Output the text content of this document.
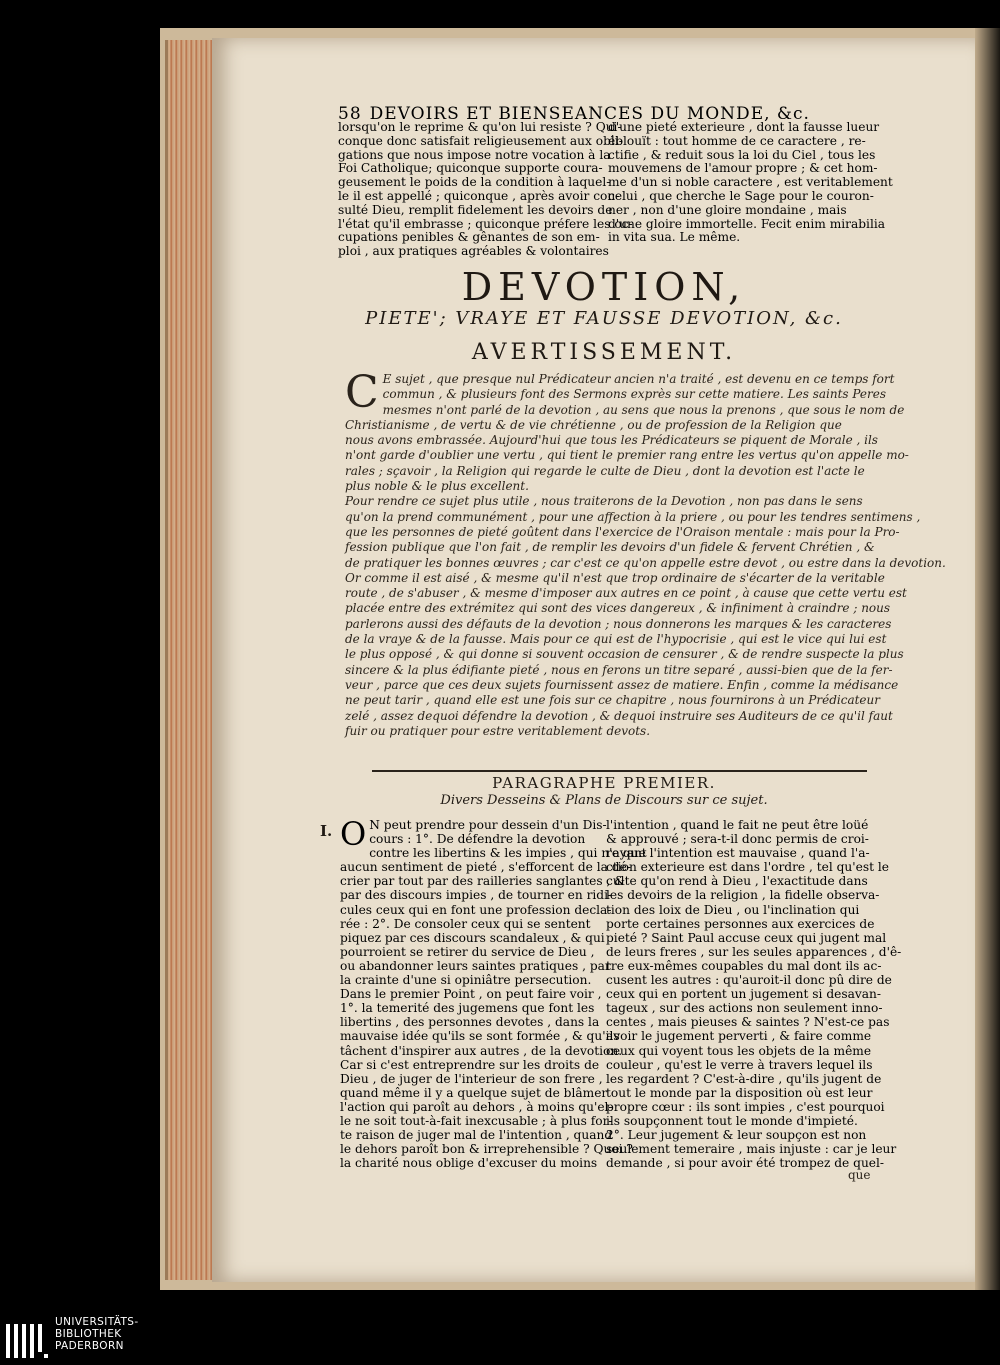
58 DEVOIRS ET BIENSEANCES DU MONDE, &c.
lorsqu'on le reprime & qu'on lui resiste ? Qui-
conque donc satisfait religieusement aux obli-
gations que nous impose notre vocation à la
Foi Catholique; quiconque supporte coura-
geusement le poids de la condition à laquel-
le il est appellé ; quiconque , après avoir con-
sulté Dieu, remplit fidelement les devoirs de
l'état qu'il embrasse ; quiconque préfere les oc-
cupations penibles & gênantes de son em-
ploi , aux pratiques agréables & volontaires
d'une pieté exterieure , dont la fausse lueur
éblouït : tout homme de ce caractere , re-
ctifie , & reduit sous la loi du Ciel , tous les
mouvemens de l'amour propre ; & cet hom-
me d'un si noble caractere , est veritablement
celui , que cherche le Sage pour le couron-
ner , non d'une gloire mondaine , mais
d'une gloire immortelle. Fecit enim mirabilia
in vita sua. Le même.
DEVOTION,
PIETE'; VRAYE ET FAUSSE DEVOTION, &c.
AVERTISSEMENT.
C E sujet , que presque nul Prédicateur ancien n'a traité , est devenu en ce temps fort
commun , & plusieurs font des Sermons exprès sur cette matiere. Les saints Peres
mesmes n'ont parlé de la devotion , au sens que nous la prenons , que sous le nom de
Christianisme , de vertu & de vie chrétienne , ou de profession de la Religion que
nous avons embrassée. Aujourd'hui que tous les Prédicateurs se piquent de Morale , ils
n'ont garde d'oublier une vertu , qui tient le premier rang entre les vertus qu'on appelle mo-
rales ; sçavoir , la Religion qui regarde le culte de Dieu , dont la devotion est l'acte le
plus noble & le plus excellent.
Pour rendre ce sujet plus utile , nous traiterons de la Devotion , non pas dans le sens
qu'on la prend communément , pour une affection à la priere , ou pour les tendres sentimens ,
que les personnes de pieté goûtent dans l'exercice de l'Oraison mentale : mais pour la Pro-
fession publique que l'on fait , de remplir les devoirs d'un fidele & fervent Chrétien , &
de pratiquer les bonnes œuvres ; car c'est ce qu'on appelle estre devot , ou estre dans la devotion.
Or comme il est aisé , & mesme qu'il n'est que trop ordinaire de s'écarter de la veritable
route , de s'abuser , & mesme d'imposer aux autres en ce point , à cause que cette vertu est
placée entre des extrémitez qui sont des vices dangereux , & infiniment à craindre ; nous
parlerons aussi des défauts de la devotion ; nous donnerons les marques & les caracteres
de la vraye & de la fausse. Mais pour ce qui est de l'hypocrisie , qui est le vice qui lui est
le plus opposé , & qui donne si souvent occasion de censurer , & de rendre suspecte la plus
sincere & la plus édifiante pieté , nous en ferons un titre separé , aussi-bien que de la fer-
veur , parce que ces deux sujets fournissent assez de matiere. Enfin , comme la médisance
ne peut tarir , quand elle est une fois sur ce chapitre , nous fournirons à un Prédicateur
zelé , assez dequoi défendre la devotion , & dequoi instruire ses Auditeurs de ce qu'il faut
fuir ou pratiquer pour estre veritablement devots.
PARAGRAPHE PREMIER.
Divers Desseins & Plans de Discours sur ce sujet.
I. O N peut prendre pour dessein d'un Dis-
cours : 1°. De défendre la devotion
contre les libertins & les impies , qui n'ayant
aucun sentiment de pieté , s'efforcent de la dé-
crier par tout par des railleries sanglantes , &
par des discours impies , de tourner en ridi-
cules ceux qui en font une profession decla-
rée : 2°. De consoler ceux qui se sentent
piquez par ces discours scandaleux , & qui
pourroient se retirer du service de Dieu ,
ou abandonner leurs saintes pratiques , par
la crainte d'une si opiniâtre persecution.
Dans le premier Point , on peut faire voir ,
1°. la temerité des jugemens que font les
libertins , des personnes devotes , dans la
mauvaise idée qu'ils se sont formée , & qu'ils
tâchent d'inspirer aux autres , de la devotion.
Car si c'est entreprendre sur les droits de
Dieu , de juger de l'interieur de son frere ,
quand même il y a quelque sujet de blâmer
l'action qui paroît au dehors , à moins qu'el-
le ne soit tout-à-fait inexcusable ; à plus for-
te raison de juger mal de l'intention , quand
le dehors paroît bon & irreprehensible ? Quoi ?
la charité nous oblige d'excuser du moins
l'intention , quand le fait ne peut être loüé
& approuvé ; sera-t-il donc permis de croi-
re que l'intention est mauvaise , quand l'a-
ction exterieure est dans l'ordre , tel qu'est le
culte qu'on rend à Dieu , l'exactitude dans
les devoirs de la religion , la fidelle observa-
tion des loix de Dieu , ou l'inclination qui
porte certaines personnes aux exercices de
pieté ? Saint Paul accuse ceux qui jugent mal
de leurs freres , sur les seules apparences , d'ê-
tre eux-mêmes coupables du mal dont ils ac-
cusent les autres : qu'auroit-il donc pû dire de
ceux qui en portent un jugement si desavan-
tageux , sur des actions non seulement inno-
centes , mais pieuses & saintes ? N'est-ce pas
avoir le jugement perverti , & faire comme
ceux qui voyent tous les objets de la même
couleur , qu'est le verre à travers lequel ils
les regardent ? C'est-à-dire , qu'ils jugent de
tout le monde par la disposition où est leur
propre cœur : ils sont impies , c'est pourquoi
ils soupçonnent tout le monde d'impieté.
2°. Leur jugement & leur soupçon est non
seulement temeraire , mais injuste : car je leur
demande , si pour avoir été trompez de quel-
que
UNIVERSITÄTS-
BIBLIOTHEK
PADERBORN
